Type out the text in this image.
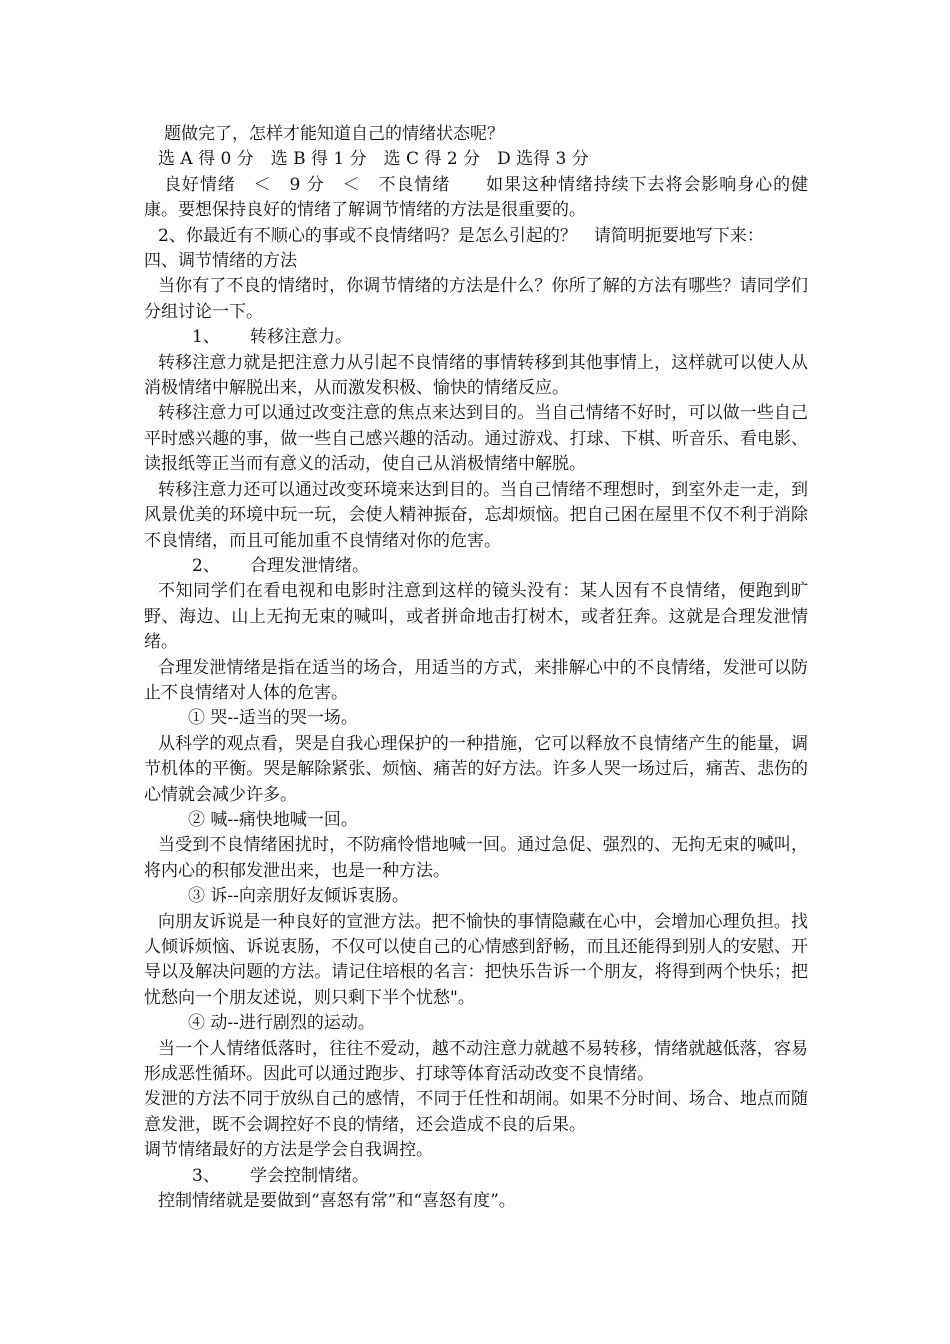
题做完了，怎样才能知道自己的情绪状态呢？

选 A 得 0 分　选 B 得 1 分　选 C 得 2 分　D 选得 3 分

良好情绪　＜　9 分　＜　不良情绪　　如果这种情绪持续下去将会影响身心的健康。要想保持良好的情绪了解调节情绪的方法是很重要的。

2、你最近有不顺心的事或不良情绪吗？是怎么引起的？　请简明扼要地写下来：

四、调节情绪的方法

当你有了不良的情绪时，你调节情绪的方法是什么？你所了解的方法有哪些？请同学们分组讨论一下。

1、 转移注意力。

转移注意力就是把注意力从引起不良情绪的事情转移到其他事情上，这样就可以使人从消极情绪中解脱出来，从而激发积极、愉快的情绪反应。

转移注意力可以通过改变注意的焦点来达到目的。当自己情绪不好时，可以做一些自己平时感兴趣的事，做一些自己感兴趣的活动。通过游戏、打球、下棋、听音乐、看电影、读报纸等正当而有意义的活动，使自己从消极情绪中解脱。

转移注意力还可以通过改变环境来达到目的。当自己情绪不理想时，到室外走一走，到风景优美的环境中玩一玩，会使人精神振奋，忘却烦恼。把自己困在屋里不仅不利于消除不良情绪，而且可能加重不良情绪对你的危害。

2、 合理发泄情绪。

不知同学们在看电视和电影时注意到这样的镜头没有：某人因有不良情绪，便跑到旷野、海边、山上无拘无束的喊叫，或者拼命地击打树木，或者狂奔。这就是合理发泄情绪。

合理发泄情绪是指在适当的场合，用适当的方式，来排解心中的不良情绪，发泄可以防止不良情绪对人体的危害。

① 哭--适当的哭一场。

从科学的观点看，哭是自我心理保护的一种措施，它可以释放不良情绪产生的能量，调节机体的平衡。哭是解除紧张、烦恼、痛苦的好方法。许多人哭一场过后，痛苦、悲伤的心情就会减少许多。

② 喊--痛快地喊一回。

当受到不良情绪困扰时，不防痛怜惜地喊一回。通过急促、强烈的、无拘无束的喊叫，将内心的积郁发泄出来，也是一种方法。

③ 诉--向亲朋好友倾诉衷肠。

向朋友诉说是一种良好的宣泄方法。把不愉快的事情隐藏在心中，会增加心理负担。找人倾诉烦恼、诉说衷肠，不仅可以使自己的心情感到舒畅，而且还能得到别人的安慰、开导以及解决问题的方法。请记住培根的名言：把快乐告诉一个朋友，将得到两个快乐；把忧愁向一个朋友述说，则只剩下半个忧愁"。

④ 动--进行剧烈的运动。

当一个人情绪低落时，往往不爱动，越不动注意力就越不易转移，情绪就越低落，容易形成恶性循环。因此可以通过跑步、打球等体育活动改变不良情绪。

发泄的方法不同于放纵自己的感情，不同于任性和胡闹。如果不分时间、场合、地点而随意发泄，既不会调控好不良的情绪，还会造成不良的后果。

调节情绪最好的方法是学会自我调控。

3、 学会控制情绪。

控制情绪就是要做到“喜怒有常”和“喜怒有度”。
